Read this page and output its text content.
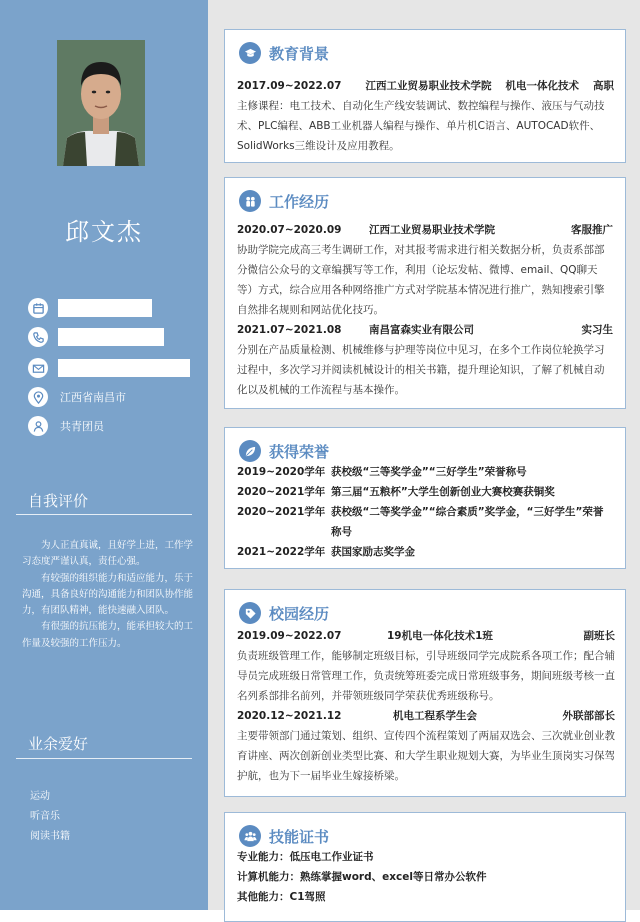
邱文杰
江西省南昌市
共青团员
自我评价

为人正直真诚，且好学上进，工作学习态度严谨认真，责任心强。

有较强的组织能力和适应能力，乐于沟通，具备良好的沟通能力和团队协作能力，有团队精神，能快速融入团队。

有很强的抗压能力，能承担较大的工作量及较强的工作压力。

业余爱好
运动
听音乐
阅读书籍
教育背景
2017.09~2022.07 江西工业贸易职业技术学院 机电一体化技术 高职

主修课程：电工技术、自动化生产线安装调试、数控编程与操作、液压与气动技术、PLC编程、ABB工业机器人编程与操作、单片机C语言、AUTOCAD软件、SolidWorks三维设计及应用教程。

工作经历
2020.07~2020.09	江西工业贸易职业技术学院	客服推广

协助学院完成高三考生调研工作，对其报考需求进行相关数据分析，负责系部部分微信公众号的文章编撰写等工作，利用（论坛发帖、微博、email、QQ聊天等）方式，综合应用各种网络推广方式对学院基本情况进行推广，熟知搜索引擎自然排名规则和网站优化技巧。

2021.07~2021.08	南昌富森实业有限公司	实习生

分别在产品质量检测、机械维修与护理等岗位中见习，在多个工作岗位轮换学习过程中，多次学习并阅读机械设计的相关书籍，提升理论知识，了解了机械自动化以及机械的工作流程与基本操作。

获得荣誉
2019~2020学年 获校级“三等奖学金”“三好学生”荣誉称号
2020~2021学年 第三届“五粮杯”大学生创新创业大赛校赛获铜奖
2020~2021学年 获校级“二等奖学金”“综合素质”奖学金，“三好学生”荣誉称号
2021~2022学年 获国家励志奖学金
校园经历
2019.09~2022.07	19机电一体化技术1班	副班长

负责班级管理工作，能够制定班级目标，引导班级同学完成院系各项工作；配合辅导员完成班级日常管理工作，负责统筹班委完成日常班级事务，期间班级考核一直名列系部排名前列，并带领班级同学荣获优秀班级称号。

2020.12~2021.12	机电工程系学生会	外联部部长

主要带领部门通过策划、组织、宣传四个流程策划了两届双选会、三次就业创业教育讲座、两次创新创业类型比赛、和大学生职业规划大赛，为毕业生顶岗实习保驾护航，也为下一届毕业生嫁接桥梁。

技能证书
专业能力：低压电工作业证书
计算机能力：熟练掌握word、excel等日常办公软件
其他能力：C1驾照
